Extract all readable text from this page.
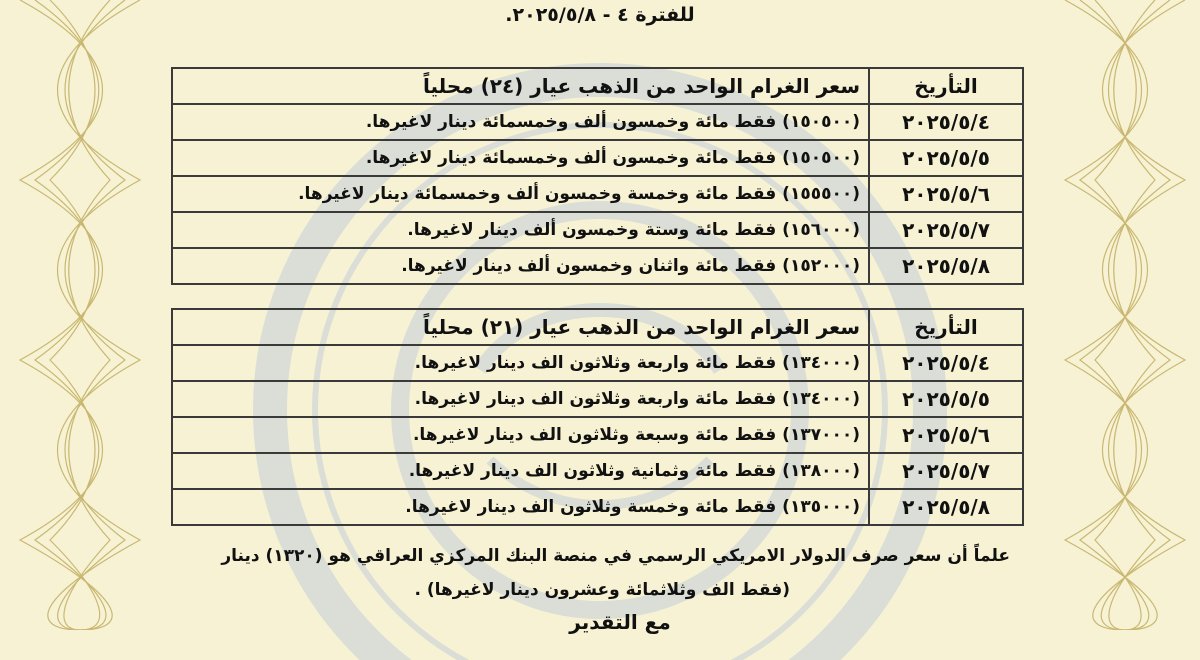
للفترة ٤ - ٢٠٢٥/٥/٨.
التأريخ	سعر الغرام الواحد من الذهب عيار (٢٤) محلياً
٢٠٢٥/٥/٤	(١٥٠٥٠٠) فقط مائة وخمسون ألف وخمسمائة دينار لاغيرها.
٢٠٢٥/٥/٥	(١٥٠٥٠٠) فقط مائة وخمسون ألف وخمسمائة دينار لاغيرها.
٢٠٢٥/٥/٦	(١٥٥٥٠٠) فقط مائة وخمسة وخمسون ألف وخمسمائة دينار لاغيرها.
٢٠٢٥/٥/٧	(١٥٦٠٠٠) فقط مائة وستة وخمسون ألف دينار لاغيرها.
٢٠٢٥/٥/٨	(١٥٢٠٠٠) فقط مائة واثنان وخمسون ألف دينار لاغيرها.
التأريخ	سعر الغرام الواحد من الذهب عيار (٢١) محلياً
٢٠٢٥/٥/٤	(١٣٤٠٠٠) فقط مائة واربعة وثلاثون الف دينار لاغيرها.
٢٠٢٥/٥/٥	(١٣٤٠٠٠) فقط مائة واربعة وثلاثون الف دينار لاغيرها.
٢٠٢٥/٥/٦	(١٣٧٠٠٠) فقط مائة وسبعة وثلاثون الف دينار لاغيرها.
٢٠٢٥/٥/٧	(١٣٨٠٠٠) فقط مائة وثمانية وثلاثون الف دينار لاغيرها.
٢٠٢٥/٥/٨	(١٣٥٠٠٠) فقط مائة وخمسة وثلاثون الف دينار لاغيرها.
علماً أن سعر صرف الدولار الامريكي الرسمي في منصة البنك المركزي العراقي هو (١٣٢٠) دينار
(فقط الف وثلاثمائة وعشرون دينار لاغيرها) .
مع التقدير
